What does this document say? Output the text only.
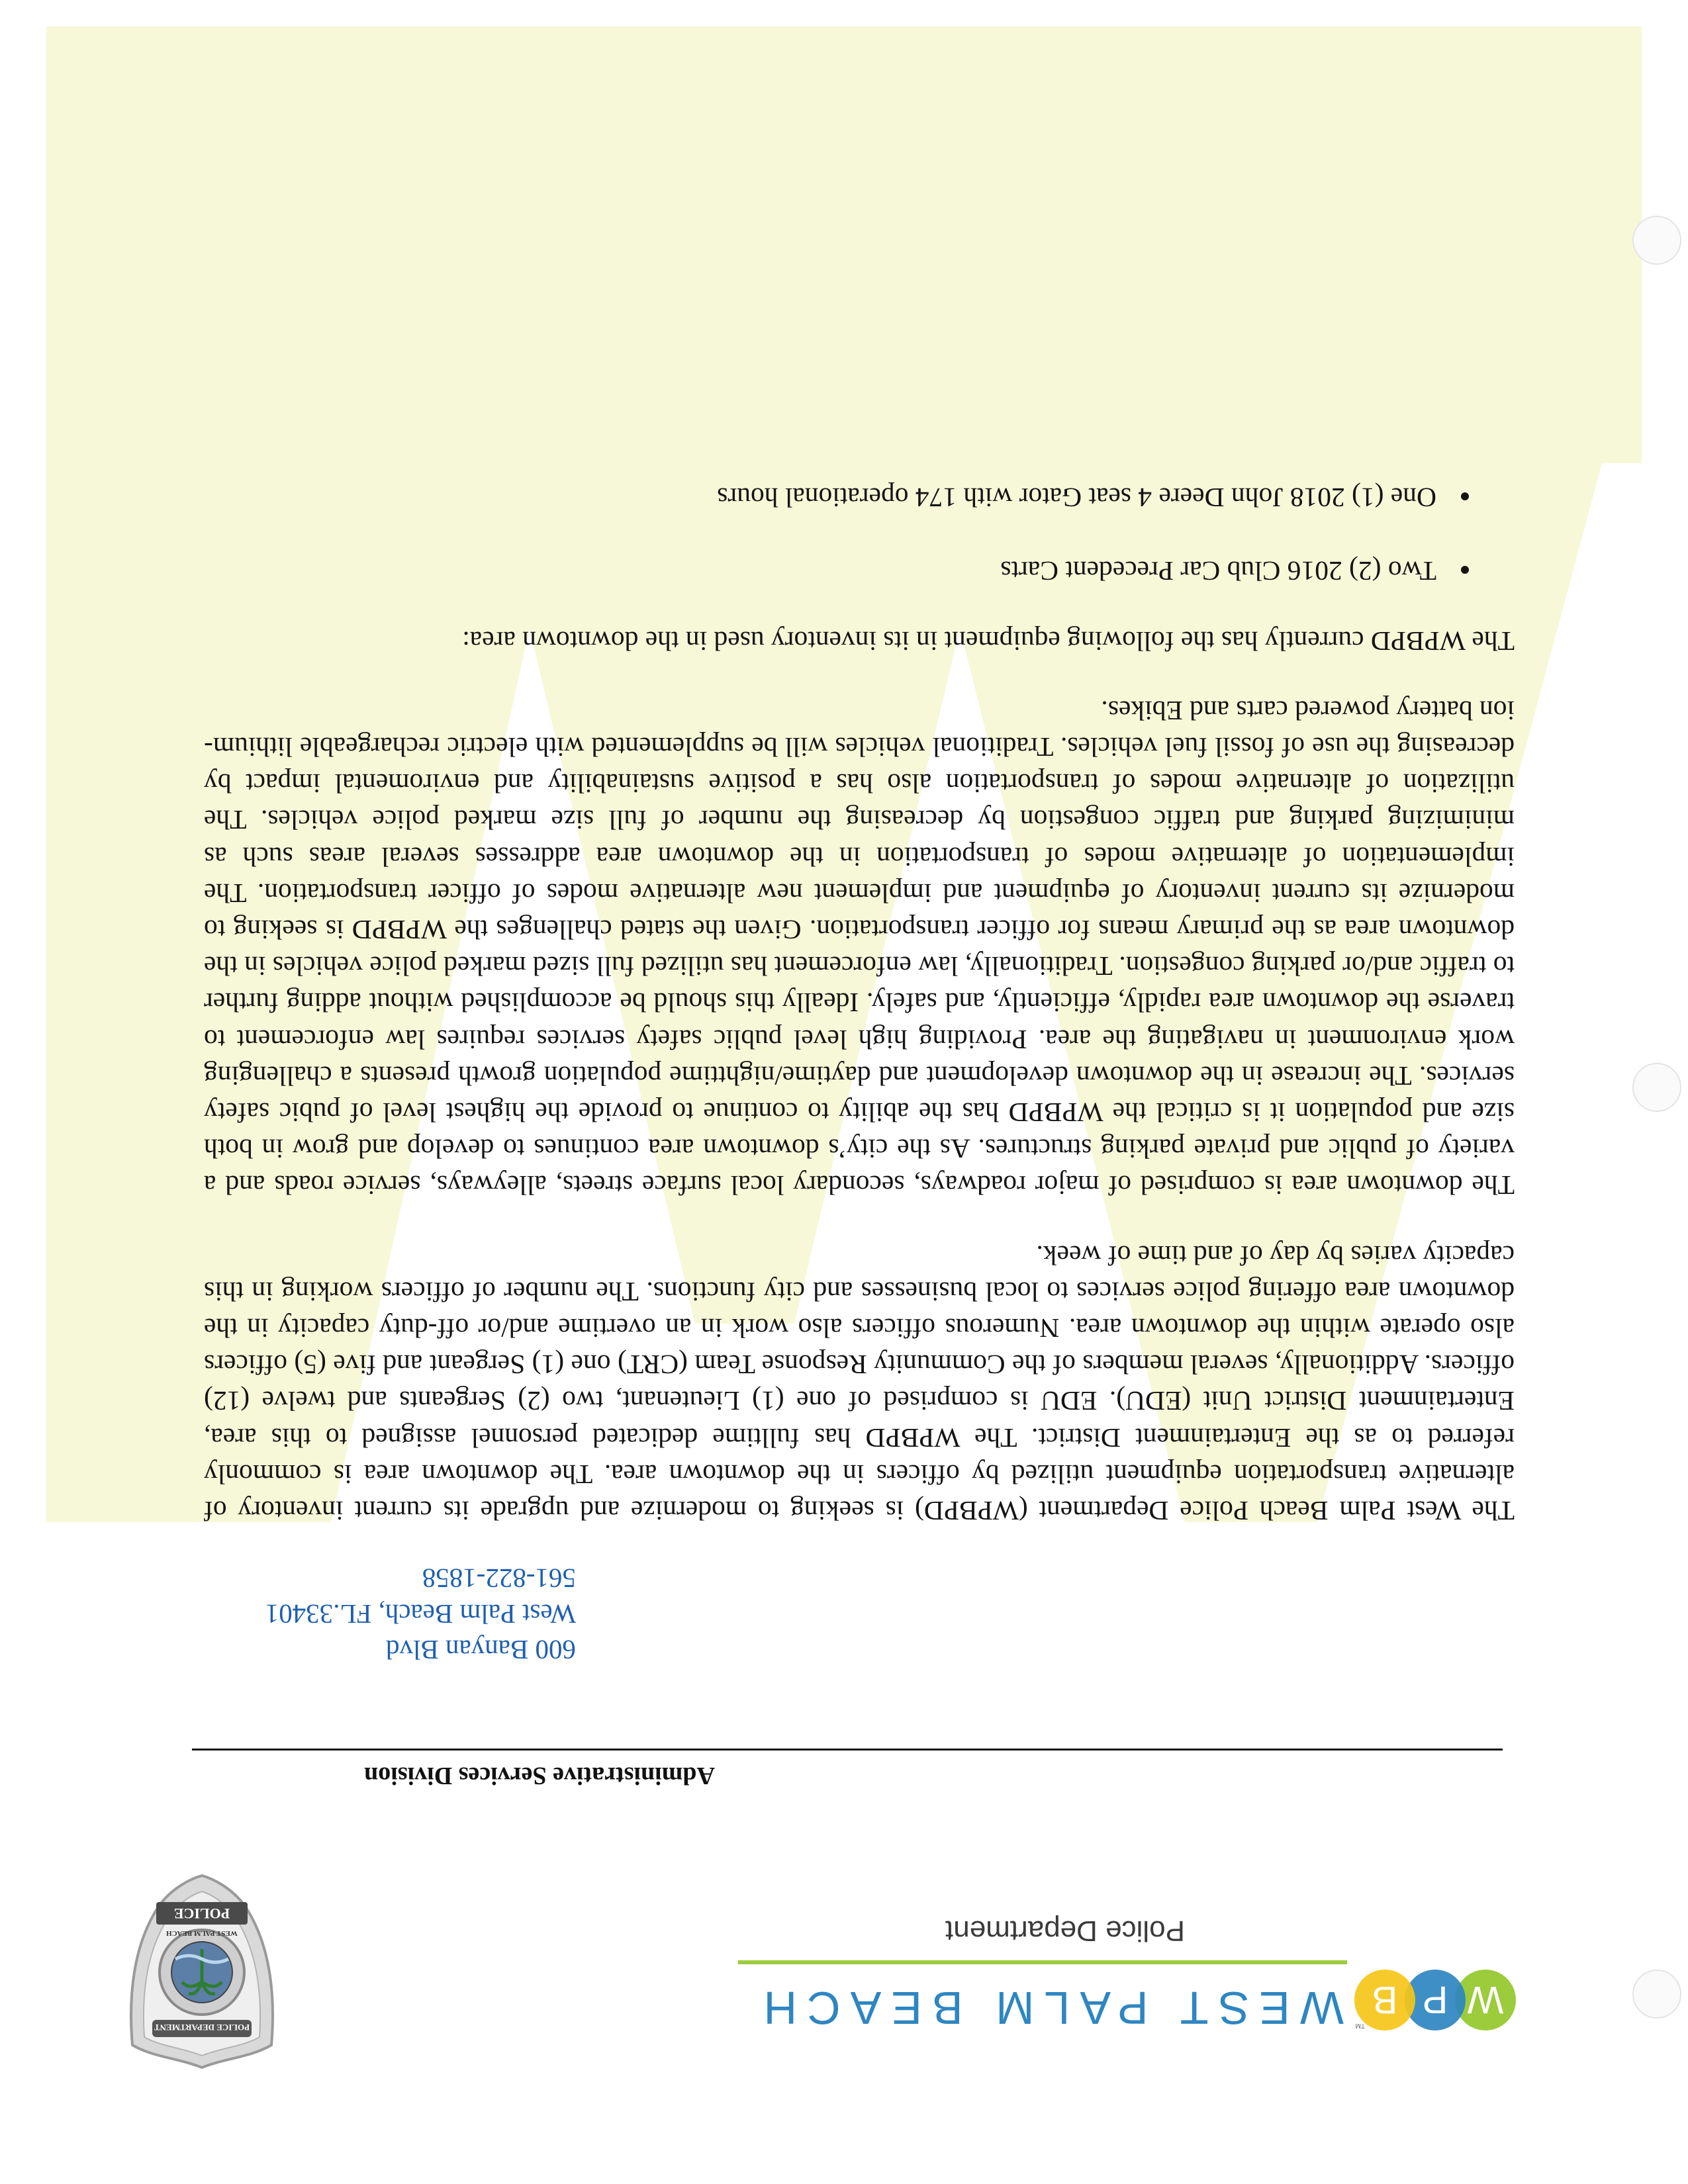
W
P
B
TM
WEST PALM BEACH
Police Department
POLICE DEPARTMENT
POLICE
WEST PALM BEACH
Administrative Services Division
600 Banyan Blvd
West Palm Beach, FL.33401
561-822-1858

The West Palm Beach Police Department (WPBPD) is seeking to modernize and upgrade its current inventory of alternative transportation equipment utilized by officers in the downtown area. The downtown area is commonly referred to as the Entertainment District. The WPBPD has fulltime dedicated personnel assigned to this area, Entertainment District Unit (EDU). EDU is comprised of one (1) Lieutenant, two (2) Sergeants and twelve (12) officers. Additionally, several members of the Community Response Team (CRT) one (1) Sergeant and five (5) officers also operate within the downtown area. Numerous officers also work in an overtime and/or off-duty capacity in the downtown area offering police services to local businesses and city functions. The number of officers working in this capacity varies by day of and time of week.

The downtown area is comprised of major roadways, secondary local surface streets, alleyways, service roads and a variety of public and private parking structures. As the city’s downtown area continues to develop and grow in both size and population it is critical the WPBPD has the ability to continue to provide the highest level of pubic safety services. The increase in the downtown development and daytime/nighttime population growth presents a challenging work environment in navigating the area. Providing high level public safety services requires law enforcement to traverse the downtown area rapidly, efficiently, and safely. Ideally this should be accomplished without adding further to traffic and/or parking congestion. Traditionally, law enforcement has utilized full sized marked police vehicles in the downtown area as the primary means for officer transportation. Given the stated challenges the WPBPD is seeking to modernize its current inventory of equipment and implement new alternative modes of officer transportation. The implementation of alternative modes of transportation in the downtown area addresses several areas such as minimizing parking and traffic congestion by decreasing the number of full size marked police vehicles. The utilization of alternative modes of transportation also has a positive sustainability and enviromental impact by decreasing the use of fossil fuel vehicles. Traditional vehicles will be supplemented with electric rechargeable lithium-ion battery powered carts and Ebikes.

The WPBPD currently has the following equipment in its inventory used in the downtown area:

• Two (2) 2016 Club Car Precedent Carts
• One (1) 2018 John Deere 4 seat Gator with 174 operational hours
